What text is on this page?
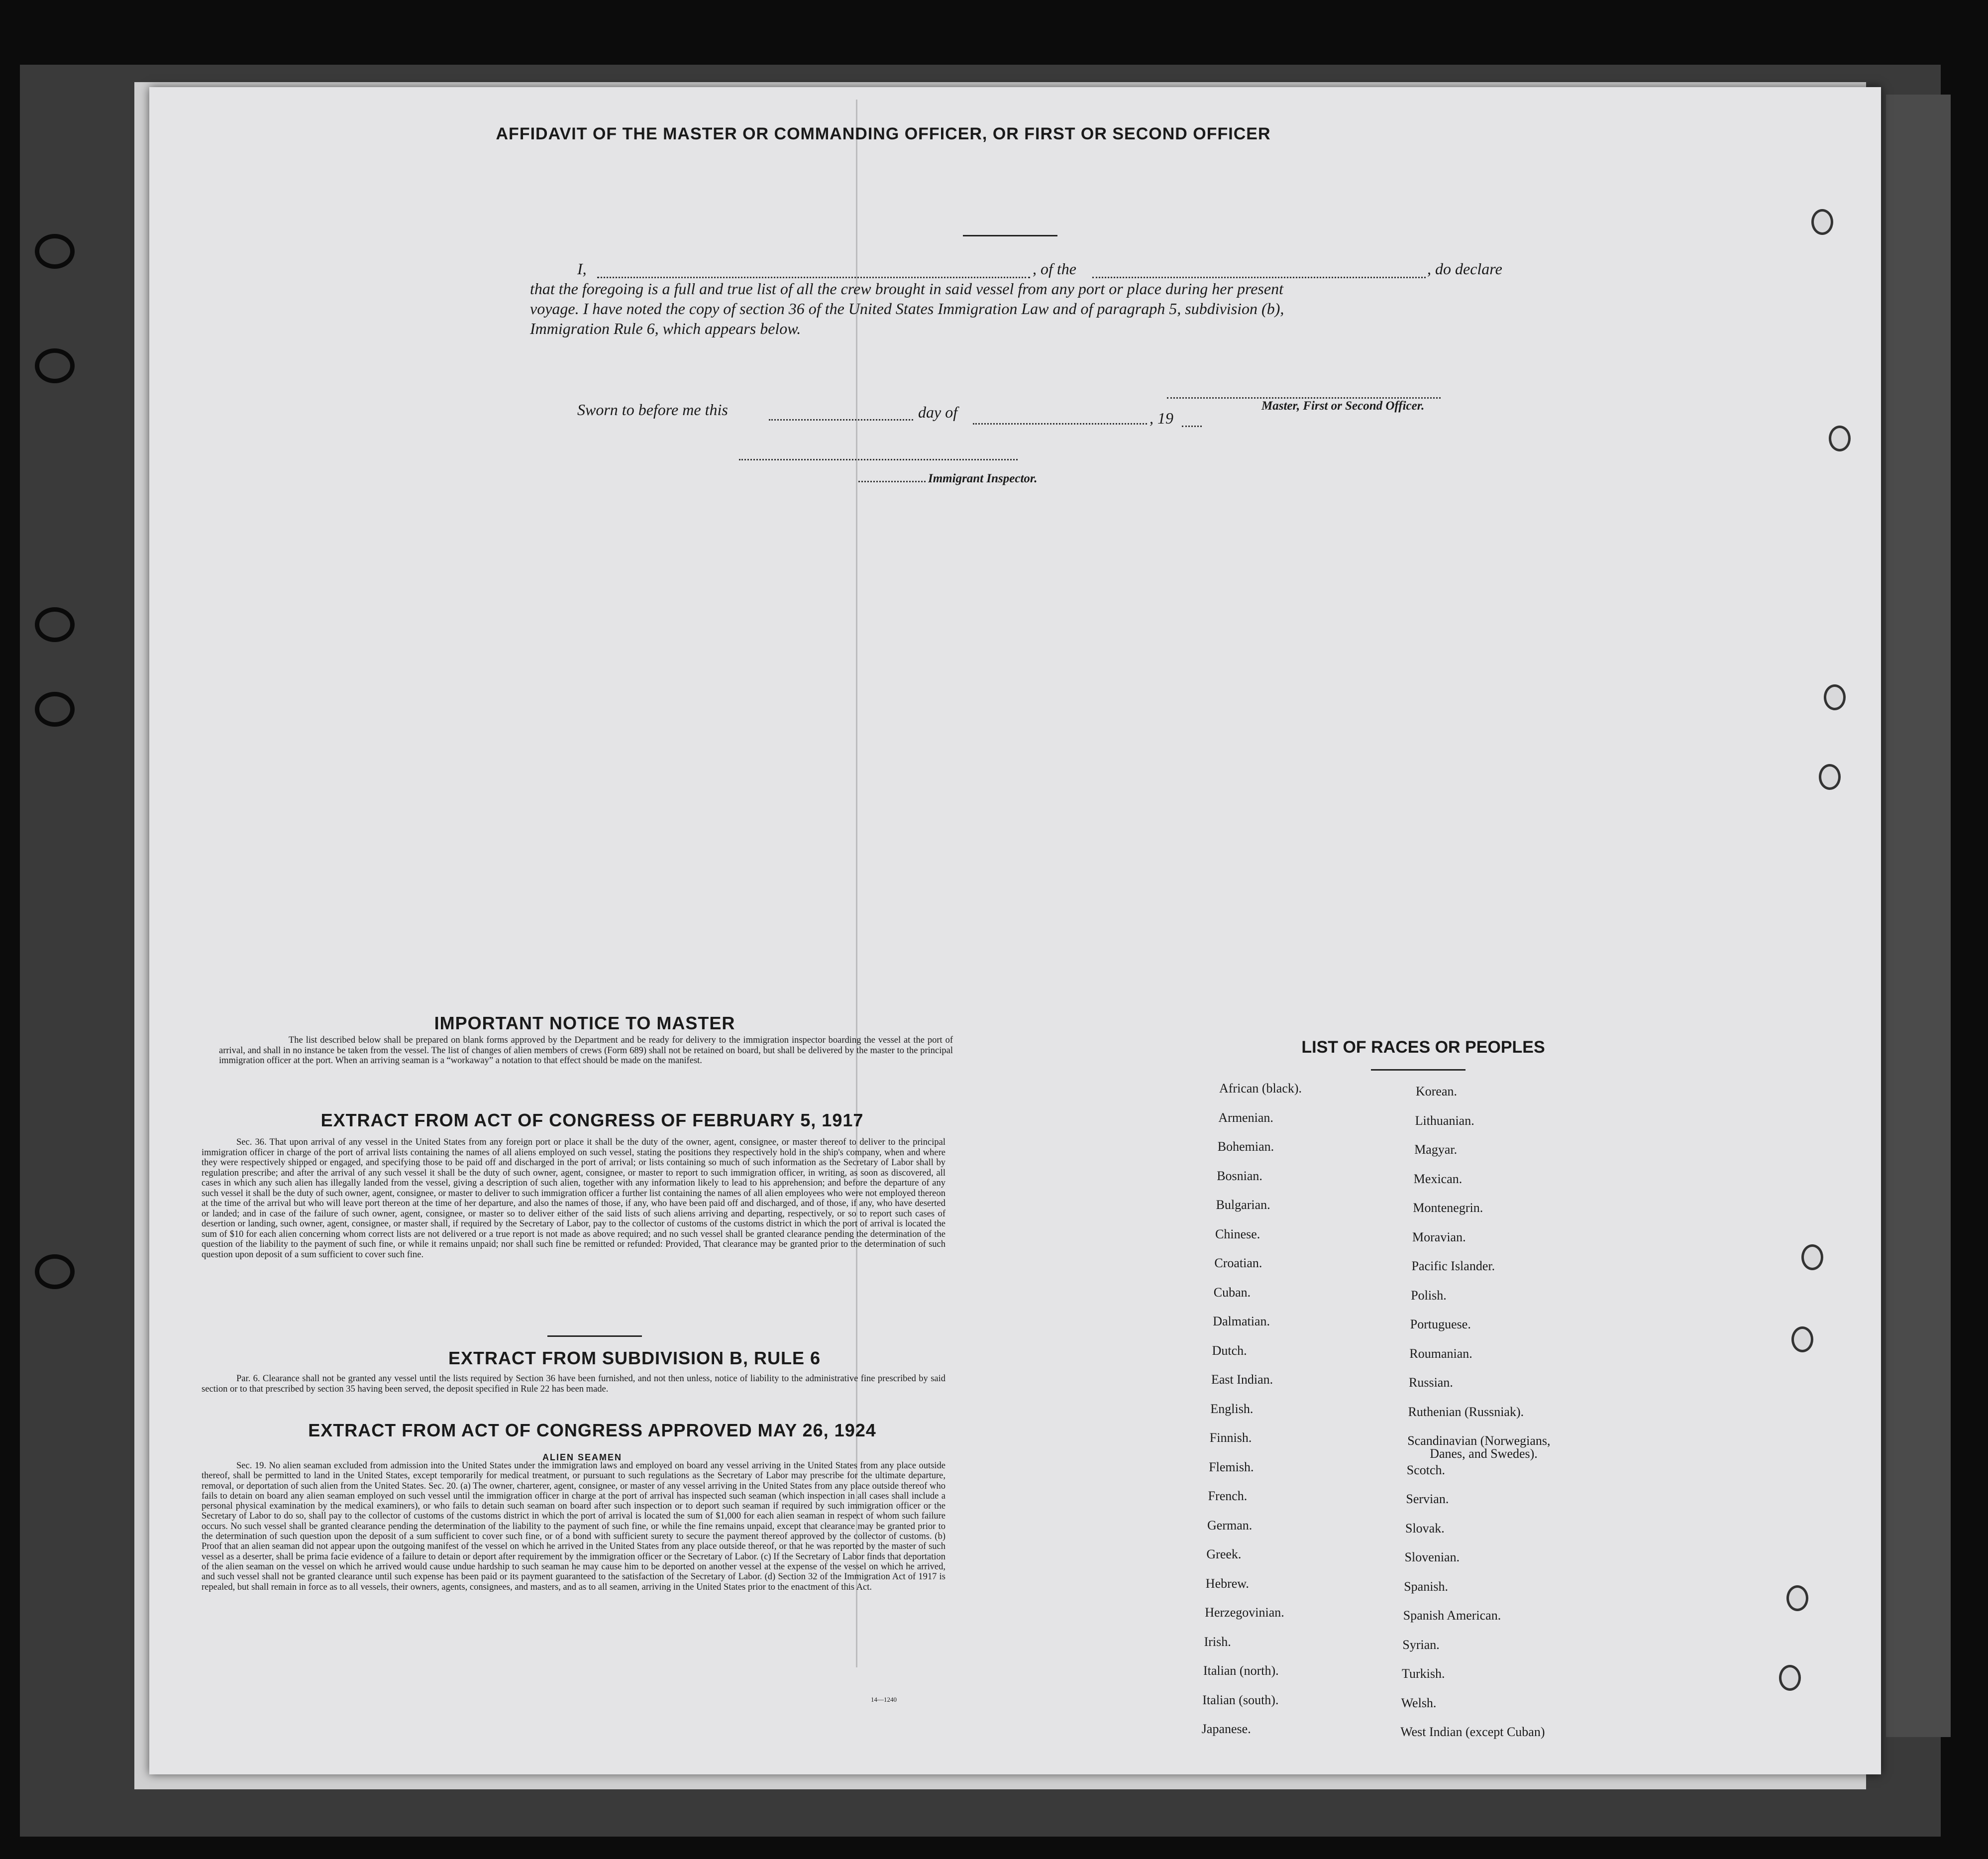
AFFIDAVIT OF THE MASTER OR COMMANDING OFFICER, OR FIRST OR SECOND OFFICER
I,	, of the	, do declare
that the foregoing is a full and true list of all the crew brought in said vessel from any port or place during her present
voyage. I have noted the copy of section 36 of the United States Immigration Law and of paragraph 5, subdivision (b),
Immigration Rule 6, which appears below.
Master, First or Second Officer.
Sworn to before me this	day of	, 19
Immigrant Inspector.
IMPORTANT NOTICE TO MASTER
The list described below shall be prepared on blank forms approved by the Department and be ready for delivery to the immigration inspector boarding the vessel at the port of arrival, and shall in no instance be taken from the vessel. The list of changes of alien members of crews (Form 689) shall not be retained on board, but shall be delivered by the master to the principal immigration officer at the port. When an arriving seaman is a “workaway” a notation to that effect should be made on the manifest.
EXTRACT FROM ACT OF CONGRESS OF FEBRUARY 5, 1917
Sec. 36. That upon arrival of any vessel in the United States from any foreign port or place it shall be the duty of the owner, agent, consignee, or master thereof to deliver to the principal immigration officer in charge of the port of arrival lists containing the names of all aliens employed on such vessel, stating the positions they respectively hold in the ship's company, when and where they were respectively shipped or engaged, and specifying those to be paid off and discharged in the port of arrival; or lists containing so much of such information as the Secretary of Labor shall by regulation prescribe; and after the arrival of any such vessel it shall be the duty of such owner, agent, consignee, or master to report to such immigration officer, in writing, as soon as discovered, all cases in which any such alien has illegally landed from the vessel, giving a description of such alien, together with any information likely to lead to his apprehension; and before the departure of any such vessel it shall be the duty of such owner, agent, consignee, or master to deliver to such immigration officer a further list containing the names of all alien employees who were not employed thereon at the time of the arrival but who will leave port thereon at the time of her departure, and also the names of those, if any, who have been paid off and discharged, and of those, if any, who have deserted or landed; and in case of the failure of such owner, agent, consignee, or master so to deliver either of the said lists of such aliens arriving and departing, respectively, or so to report such cases of desertion or landing, such owner, agent, consignee, or master shall, if required by the Secretary of Labor, pay to the collector of customs of the customs district in which the port of arrival is located the sum of $10 for each alien concerning whom correct lists are not delivered or a true report is not made as above required; and no such vessel shall be granted clearance pending the determination of the question of the liability to the payment of such fine, or while it remains unpaid; nor shall such fine be remitted or refunded: Provided, That clearance may be granted prior to the determination of such question upon deposit of a sum sufficient to cover such fine.
EXTRACT FROM SUBDIVISION B, RULE 6
Par. 6. Clearance shall not be granted any vessel until the lists required by Section 36 have been furnished, and not then unless, notice of liability to the administrative fine prescribed by said section or to that prescribed by section 35 having been served, the deposit specified in Rule 22 has been made.
EXTRACT FROM ACT OF CONGRESS APPROVED MAY 26, 1924
ALIEN SEAMEN
Sec. 19. No alien seaman excluded from admission into the United States under the immigration laws and employed on board any vessel arriving in the United States from any place outside thereof, shall be permitted to land in the United States, except temporarily for medical treatment, or pursuant to such regulations as the Secretary of Labor may prescribe for the ultimate departure, removal, or deportation of such alien from the United States. Sec. 20. (a) The owner, charterer, agent, consignee, or master of any vessel arriving in the United States from any place outside thereof who fails to detain on board any alien seaman employed on such vessel until the immigration officer in charge at the port of arrival has inspected such seaman (which inspection in all cases shall include a personal physical examination by the medical examiners), or who fails to detain such seaman on board after such inspection or to deport such seaman if required by such immigration officer or the Secretary of Labor to do so, shall pay to the collector of customs of the customs district in which the port of arrival is located the sum of $1,000 for each alien seaman in respect of whom such failure occurs. No such vessel shall be granted clearance pending the determination of the liability to the payment of such fine, or while the fine remains unpaid, except that clearance may be granted prior to the determination of such question upon the deposit of a sum sufficient to cover such fine, or of a bond with sufficient surety to secure the payment thereof approved by the collector of customs. (b) Proof that an alien seaman did not appear upon the outgoing manifest of the vessel on which he arrived in the United States from any place outside thereof, or that he was reported by the master of such vessel as a deserter, shall be prima facie evidence of a failure to detain or deport after requirement by the immigration officer or the Secretary of Labor. (c) If the Secretary of Labor finds that deportation of the alien seaman on the vessel on which he arrived would cause undue hardship to such seaman he may cause him to be deported on another vessel at the expense of the vessel on which he arrived, and such vessel shall not be granted clearance until such expense has been paid or its payment guaranteed to the satisfaction of the Secretary of Labor. (d) Section 32 of the Immigration Act of 1917 is repealed, but shall remain in force as to all vessels, their owners, agents, consignees, and masters, and as to all seamen, arriving in the United States prior to the enactment of this Act.
14—1240
LIST OF RACES OR PEOPLES
African (black).
Armenian.
Bohemian.
Bosnian.
Bulgarian.
Chinese.
Croatian.
Cuban.
Dalmatian.
Dutch.
East Indian.
English.
Finnish.
Flemish.
French.
German.
Greek.
Hebrew.
Herzegovinian.
Irish.
Italian (north).
Italian (south).
Japanese.
Korean.
Lithuanian.
Magyar.
Mexican.
Montenegrin.
Moravian.
Pacific Islander.
Polish.
Portuguese.
Roumanian.
Russian.
Ruthenian (Russniak).
Scandinavian (Norwegians,
Danes, and Swedes).
Scotch.
Servian.
Slovak.
Slovenian.
Spanish.
Spanish American.
Syrian.
Turkish.
Welsh.
West Indian (except Cuban)
